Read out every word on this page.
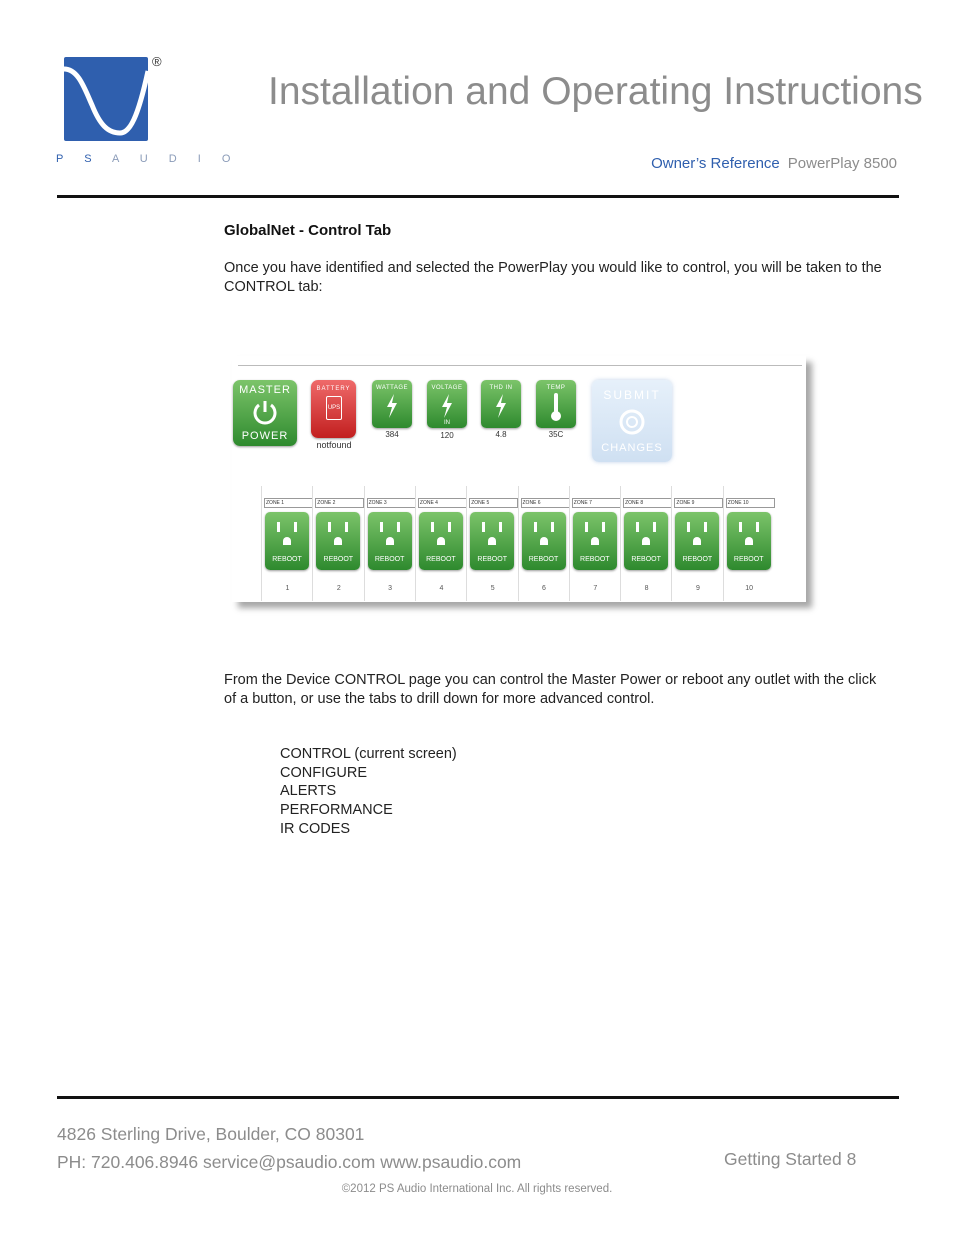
®
P S A U D I O
Installation and Operating Instructions
Owner’s Reference PowerPlay 8500
GlobalNet - Control Tab
Once you have identified and selected the PowerPlay you would like to control, you will be taken to the CONTROL tab:
MASTER
POWER
BATTERY
UPS
notfound
WATTAGE
384
VOLTAGE
IN
120
THD IN
4.8
TEMP
35C
SUBMIT
CHANGES
ZONE 1
REBOOT
1
ZONE 2
REBOOT
2
ZONE 3
REBOOT
3
ZONE 4
REBOOT
4
ZONE 5
REBOOT
5
ZONE 6
REBOOT
6
ZONE 7
REBOOT
7
ZONE 8
REBOOT
8
ZONE 9
REBOOT
9
ZONE 10
REBOOT
10
From the Device CONTROL page you can control the Master Power or reboot any outlet with the click of a button, or use the tabs to drill down for more advanced control.
CONTROL (current screen)
CONFIGURE
ALERTS
PERFORMANCE
IR CODES
4826 Sterling Drive, Boulder, CO 80301
PH: 720.406.8946 service@psaudio.com www.psaudio.com	Getting Started 8
©2012 PS Audio International Inc. All rights reserved.
